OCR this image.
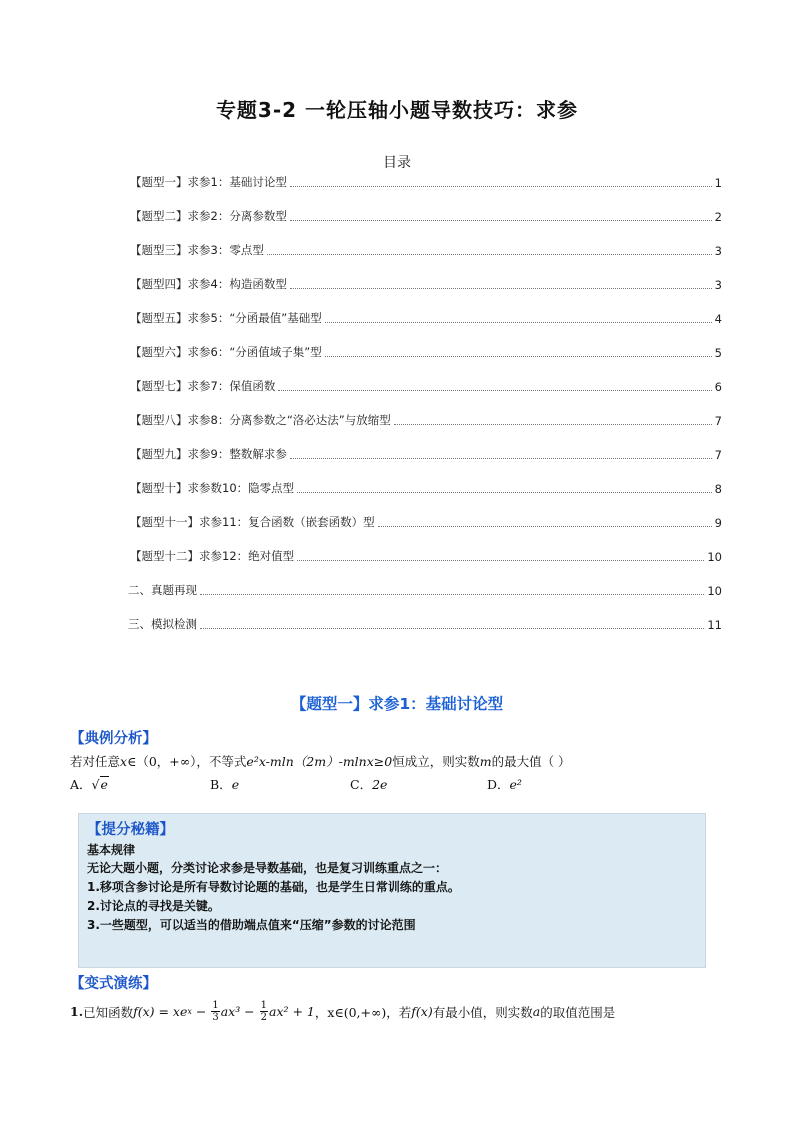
专题3-2 一轮压轴小题导数技巧：求参
目录
【题型一】求参1：基础讨论型	1
【题型二】求参2：分离参数型	2
【题型三】求参3：零点型	3
【题型四】求参4：构造函数型	3
【题型五】求参5：“分函最值”基础型	4
【题型六】求参6：“分函值域子集”型	5
【题型七】求参7：保值函数	6
【题型八】求参8：分离参数之“洛必达法”与放缩型	7
【题型九】求参9：整数解求参	7
【题型十】求参数10：隐零点型	8
【题型十一】求参11：复合函数（嵌套函数）型	9
【题型十二】求参12：绝对值型	10
二、真题再现	10
三、模拟检测	11
【题型一】求参1：基础讨论型
【典例分析】
若对任意x∈（0，+∞），不等式e²x-mln（2m）-mlnx≥0恒成立，则实数m的最大值（ ）
A．√e	B．e	C．2e	D．e²
【提分秘籍】
基本规律
无论大题小题，分类讨论求参是导数基础，也是复习训练重点之一：
1.移项含参讨论是所有导数讨论题的基础，也是学生日常训练的重点。
2.讨论点的寻找是关键。
3.一些题型，可以适当的借助端点值来“压缩”参数的讨论范围
【变式演练】
1. 已知函数 f(x) = xe $x - \frac{1}{3} ax^3 - \frac{1}{2} ax^2 + 1$ ，x∈(0,+∞) ，若 f(x) 有最小值，则实数 a 的取值范围是
